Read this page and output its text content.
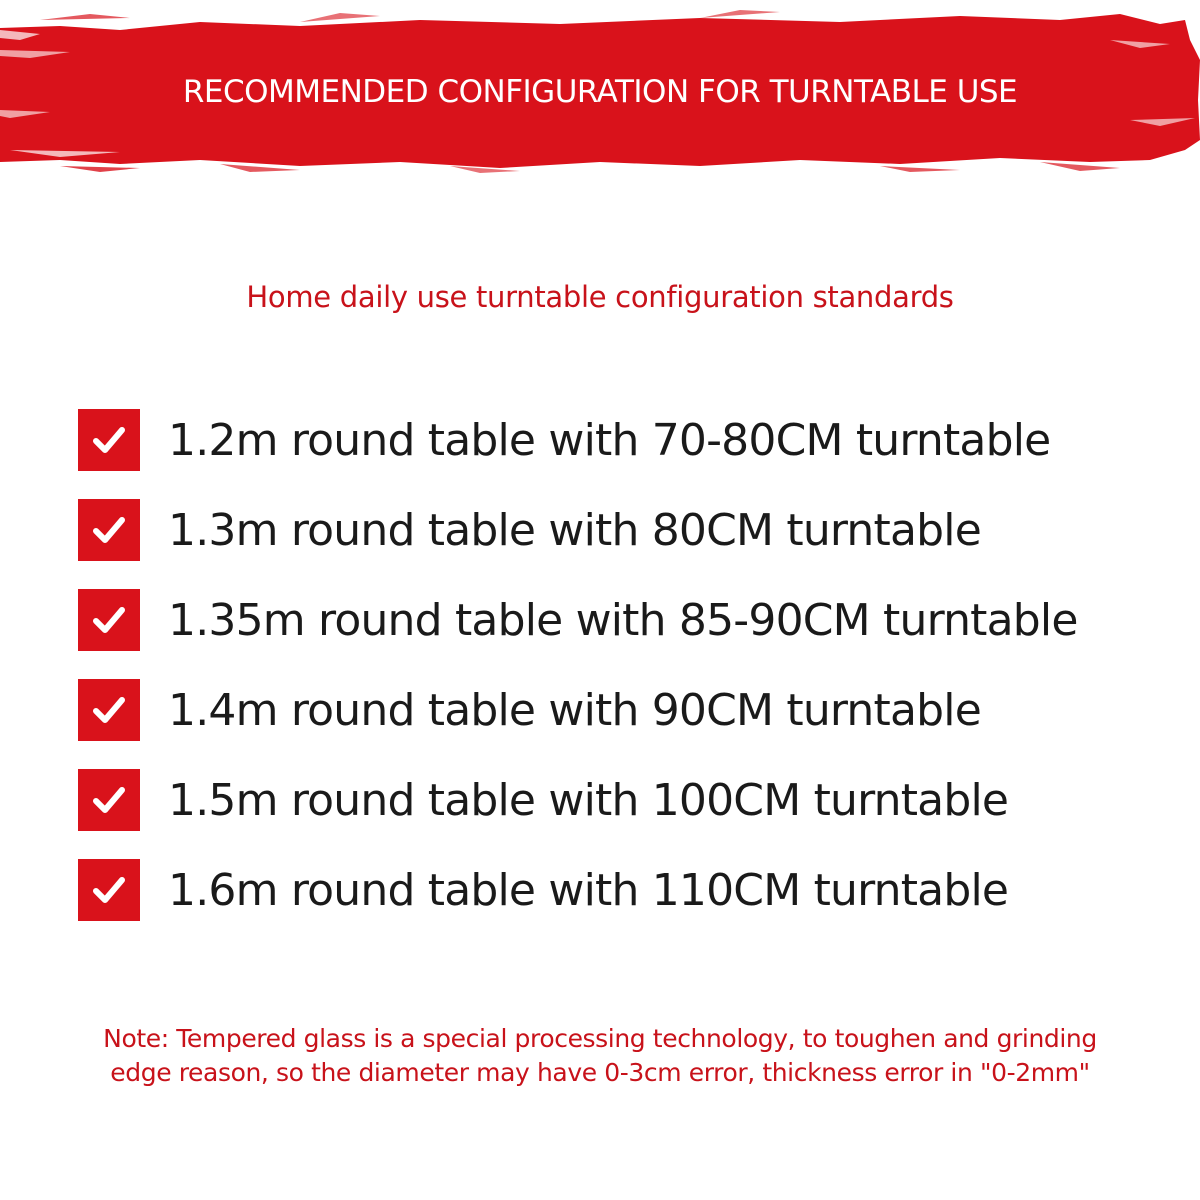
RECOMMENDED CONFIGURATION FOR TURNTABLE USE
Home daily use turntable configuration standards
1.2m round table with 70-80CM turntable
1.3m round table with 80CM turntable
1.35m round table with 85-90CM turntable
1.4m round table with 90CM turntable
1.5m round table with 100CM turntable
1.6m round table with 110CM turntable
Note: Tempered glass is a special processing technology, to toughen and grinding
edge reason, so the diameter may have 0-3cm error, thickness error in "0-2mm"
